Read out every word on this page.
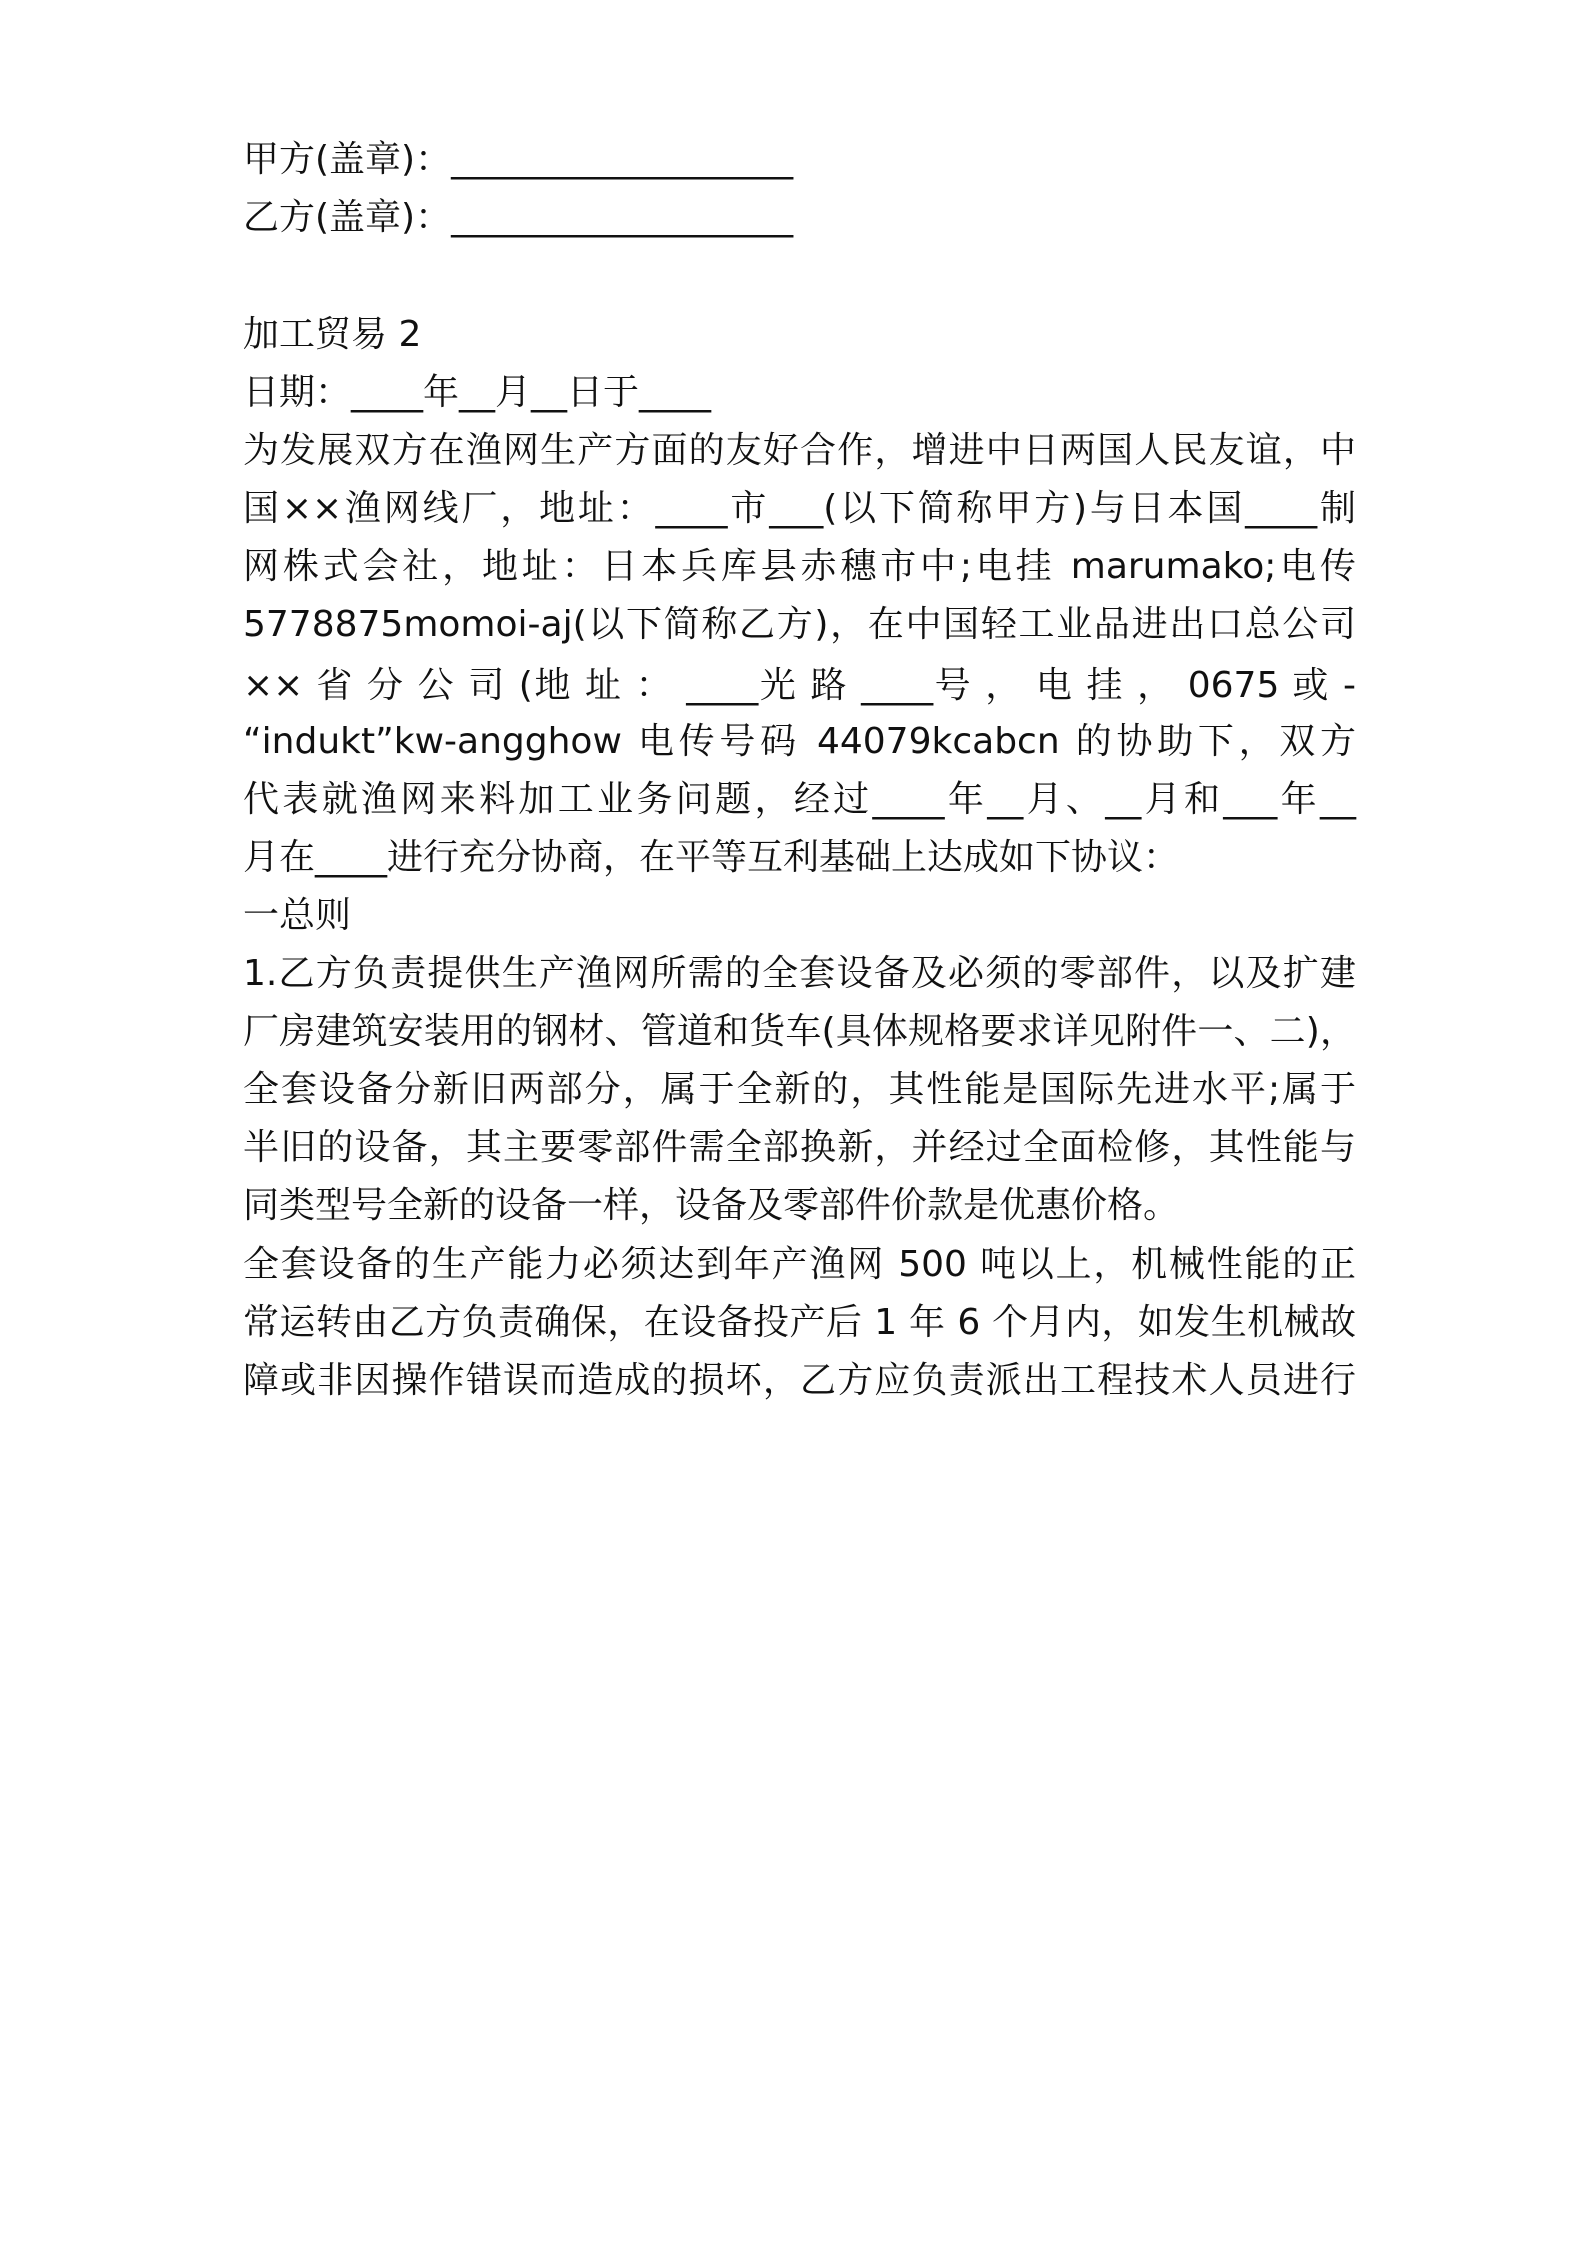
甲方(盖章)：___________________

乙方(盖章)：___________________

加工贸易 2

日期：____年__月__日于____

为发展双方在渔网生产方面的友好合作，增进中日两国人民友谊，中

国××渔网线厂，地址：____市___(以下简称甲方)与日本国____制

网株式会社，地址：日本兵库县赤穗市中;电挂 marumako;电传

5778875momoi-aj(以下简称乙方)，在中国轻工业品进出口总公司

×× 省 分 公 司 (地 址 ： ____光 路 ____号 ， 电 挂 ， 0675 或 -

“indukt”kw-angghow 电传号码 44079kcabcn 的协助下，双方

代表就渔网来料加工业务问题，经过____年__月、__月和___年__

月在____进行充分协商，在平等互利基础上达成如下协议：

一总则

1.乙方负责提供生产渔网所需的全套设备及必须的零部件，以及扩建

厂房建筑安装用的钢材、管道和货车(具体规格要求详见附件一、二)，

全套设备分新旧两部分，属于全新的，其性能是国际先进水平;属于

半旧的设备，其主要零部件需全部换新，并经过全面检修，其性能与

同类型号全新的设备一样，设备及零部件价款是优惠价格。

全套设备的生产能力必须达到年产渔网 500 吨以上，机械性能的正

常运转由乙方负责确保，在设备投产后 1 年 6 个月内，如发生机械故

障或非因操作错误而造成的损坏，乙方应负责派出工程技术人员进行
